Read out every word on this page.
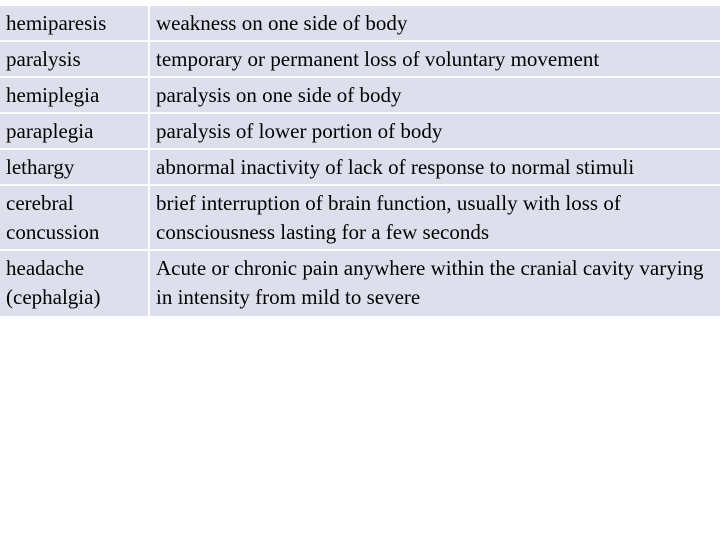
hemiparesis	weakness on one side of body
paralysis	temporary or permanent loss of voluntary movement
hemiplegia	paralysis on one side of body
paraplegia	paralysis of lower portion of body
lethargy	abnormal inactivity of lack of response to normal stimuli
cerebral concussion	brief interruption of brain function, usually with loss of consciousness lasting for a few seconds
headache (cephalgia)	Acute or chronic pain anywhere within the cranial cavity varying in intensity from mild to severe
